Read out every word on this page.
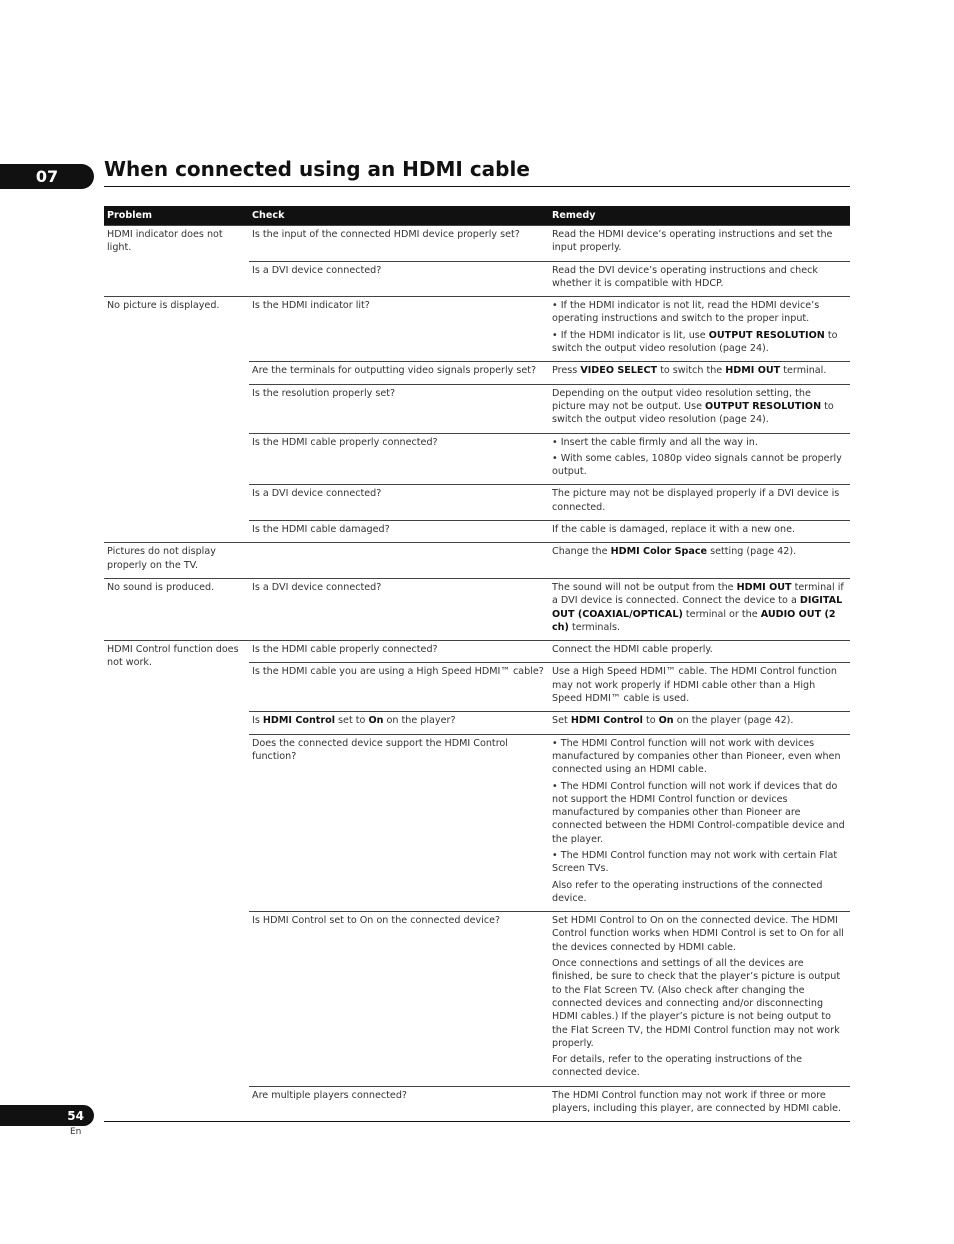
07	When connected using an HDMI cable
Problem	Check	Remedy
HDMI indicator does not light.	Is the input of the connected HDMI device properly set?	Read the HDMI device’s operating instructions and set the input properly.

	Is a DVI device connected?	Read the DVI device’s operating instructions and check whether it is compatible with HDCP.

No picture is displayed.	Is the HDMI indicator lit?	• If the HDMI indicator is not lit, read the HDMI device’s operating instructions and switch to the proper input.

• If the HDMI indicator is lit, use OUTPUT RESOLUTION to switch the output video resolution (page 24).

	Are the terminals for outputting video signals properly set?	Press VIDEO SELECT to switch the HDMI OUT terminal.

	Is the resolution properly set?	Depending on the output video resolution setting, the picture may not be output. Use OUTPUT RESOLUTION to switch the output video resolution (page 24).

	Is the HDMI cable properly connected?	• Insert the cable firmly and all the way in.

• With some cables, 1080p video signals cannot be properly output.

	Is a DVI device connected?	The picture may not be displayed properly if a DVI device is connected.

	Is the HDMI cable damaged?	If the cable is damaged, replace it with a new one.

Pictures do not display properly on the TV.		Change the HDMI Color Space setting (page 42).

No sound is produced.	Is a DVI device connected?	The sound will not be output from the HDMI OUT terminal if a DVI device is connected. Connect the device to a DIGITAL OUT (COAXIAL/OPTICAL) terminal or the AUDIO OUT (2 ch) terminals.

HDMI Control function does not work.	Is the HDMI cable properly connected?	Connect the HDMI cable properly.

	Is the HDMI cable you are using a High Speed HDMI™ cable?	Use a High Speed HDMI™ cable. The HDMI Control function may not work properly if HDMI cable other than a High Speed HDMI™ cable is used.

	Is HDMI Control set to On on the player?	Set HDMI Control to On on the player (page 42).

	Does the connected device support the HDMI Control function?	• The HDMI Control function will not work with devices manufactured by companies other than Pioneer, even when connected using an HDMI cable.

• The HDMI Control function will not work if devices that do not support the HDMI Control function or devices manufactured by companies other than Pioneer are connected between the HDMI Control-compatible device and the player.

• The HDMI Control function may not work with certain Flat Screen TVs.

Also refer to the operating instructions of the connected device.

	Is HDMI Control set to On on the connected device?	Set HDMI Control to On on the connected device. The HDMI Control function works when HDMI Control is set to On for all the devices connected by HDMI cable.

Once connections and settings of all the devices are finished, be sure to check that the player’s picture is output to the Flat Screen TV. (Also check after changing the connected devices and connecting and/or disconnecting HDMI cables.) If the player’s picture is not being output to the Flat Screen TV, the HDMI Control function may not work properly.

For details, refer to the operating instructions of the connected device.

	Are multiple players connected?	The HDMI Control function may not work if three or more players, including this player, are connected by HDMI cable.

54
En
